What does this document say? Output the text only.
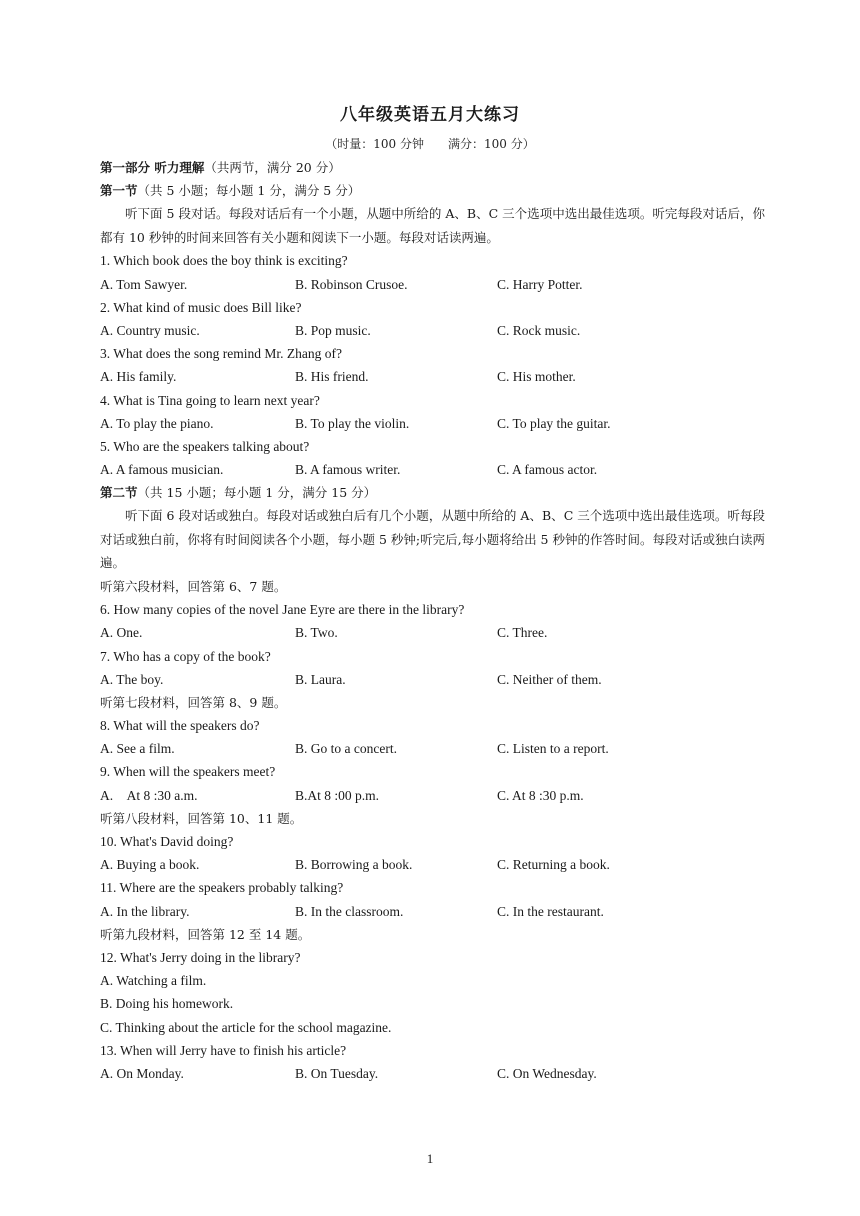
八年级英语五月大练习
（时量：100 分钟　　满分：100 分）
第一部分 听力理解（共两节，满分 20 分）
第一节（共 5 小题；每小题 1 分，满分 5 分）
听下面 5 段对话。每段对话后有一个小题，从题中所给的 A、B、C 三个选项中选出最佳选项。听完每段对话后，你都有 10 秒钟的时间来回答有关小题和阅读下一小题。每段对话读两遍。
1. Which book does the boy think is exciting?
A. Tom Sawyer.	B. Robinson Crusoe.	C. Harry Potter.
2. What kind of music does Bill like?
A. Country music.	B. Pop music.	C. Rock music.
3. What does the song remind Mr. Zhang of?
A. His family.	B. His friend.	C. His mother.
4. What is Tina going to learn next year?
A. To play the piano.	B. To play the violin.	C. To play the guitar.
5. Who are the speakers talking about?
A. A famous musician.	B. A famous writer.	C. A famous actor.
第二节（共 15 小题；每小题 1 分，满分 15 分）
听下面 6 段对话或独白。每段对话或独白后有几个小题，从题中所给的 A、B、C 三个选项中选出最佳选项。听每段对话或独白前，你将有时间阅读各个小题，每小题 5 秒钟;听完后,每小题将给出 5 秒钟的作答时间。每段对话或独白读两遍。
听第六段材料，回答第 6、7 题。
6. How many copies of the novel Jane Eyre are there in the library?
A. One.	B. Two.	C. Three.
7. Who has a copy of the book?
A. The boy.	B. Laura.	C. Neither of them.
听第七段材料，回答第 8、9 题。
8. What will the speakers do?
A. See a film.	B. Go to a concert.	C. Listen to a report.
9. When will the speakers meet?
A.　At 8 :30 a.m.	B.At 8 :00 p.m.	C. At 8 :30 p.m.
听第八段材料，回答第 10、11 题。
10. What's David doing?
A. Buying a book.	B. Borrowing a book.	C. Returning a book.
11. Where are the speakers probably talking?
A. In the library.	B. In the classroom.	C. In the restaurant.
听第九段材料，回答第 12 至 14 题。
12. What's Jerry doing in the library?
A. Watching a film.
B. Doing his homework.
C. Thinking about the article for the school magazine.
13. When will Jerry have to finish his article?
A. On Monday.	B. On Tuesday.	C. On Wednesday.
1
